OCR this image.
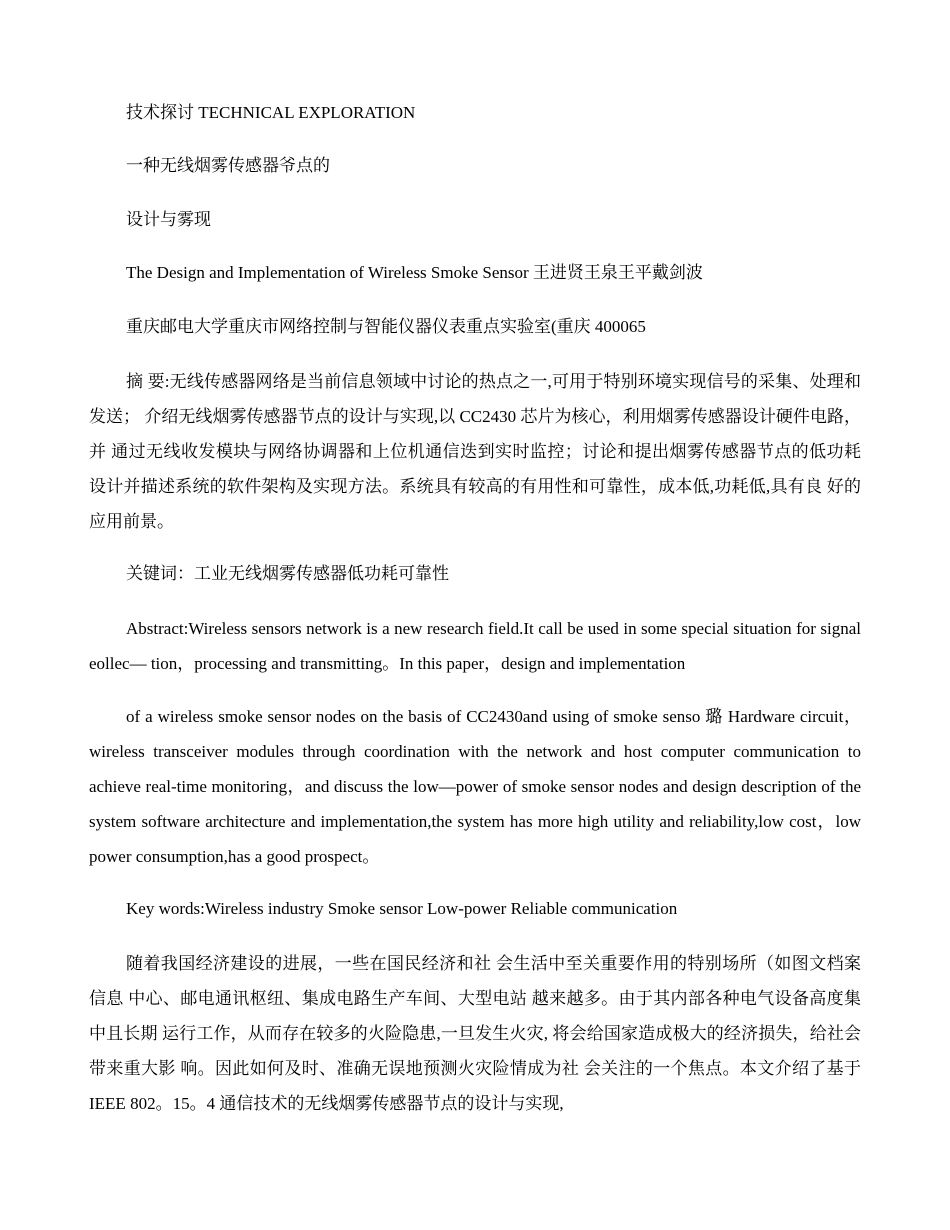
技术探讨 TECHNICAL EXPLORATION
一种无线烟雾传感器爷点的
设计与雾现
The Design and Implementation of Wireless Smoke Sensor 王进贤王泉王平戴剑波
重庆邮电大学重庆市网络控制与智能仪器仪表重点实验室(重庆 400065

摘 要:无线传感器网络是当前信息领域中讨论的热点之一,可用于特别环境实现信号的采集、处理和发送； 介绍无线烟雾传感器节点的设计与实现,以 CC2430 芯片为核心，利用烟雾传感器设计硬件电路，并 通过无线收发模块与网络协调器和上位机通信迭到实时监控；讨论和提出烟雾传感器节点的低功耗 设计并描述系统的软件架构及实现方法。系统具有较高的有用性和可靠性，成本低,功耗低,具有良 好的应用前景。

关键词：工业无线烟雾传感器低功耗可靠性

Abstract:Wireless sensors network is a new research field.It call be used in some special situation for signal eollec— tion，processing and transmitting。In this paper，design and implementation

of a wireless smoke sensor nodes on the basis of CC2430and using of smoke senso 璐 Hardware circuit，wireless transceiver modules through coordination with the network and host computer communication to achieve real-time monitoring，and discuss the low—power of smoke sensor nodes and design description of the system software architecture and implementation,the system has more high utility and reliability,low cost，low power consumption,has a good prospect。

Key words:Wireless industry Smoke sensor Low-power Reliable communication

随着我国经济建设的进展，一些在国民经济和社 会生活中至关重要作用的特别场所（如图文档案信息 中心、邮电通讯枢纽、集成电路生产车间、大型电站 越来越多。由于其内部各种电气设备高度集中且长期 运行工作，从而存在较多的火险隐患,一旦发生火灾, 将会给国家造成极大的经济损失，给社会带来重大影 响。因此如何及时、准确无误地预测火灾险情成为社 会关注的一个焦点。本文介绍了基于 IEEE 802。15。4 通信技术的无线烟雾传感器节点的设计与实现,
